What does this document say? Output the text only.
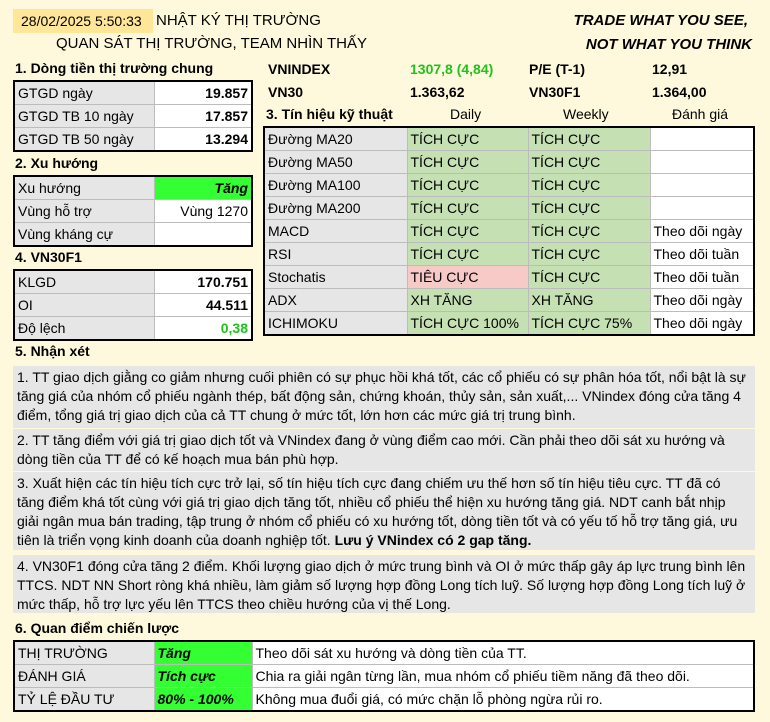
28/02/2025 5:50:33 NHẬT KÝ THỊ TRƯỜNG
QUAN SÁT THỊ TRƯỜNG, TEAM NHÌN THẤY
TRADE WHAT YOU SEE,
NOT WHAT YOU THINK
1. Dòng tiền thị trường chung
GTGD ngày	19.857
GTGD TB 10 ngày	17.857
GTGD TB 50 ngày	13.294
2. Xu hướng
Xu hướng	Tăng
Vùng hỗ trợ	Vùng 1270
Vùng kháng cự	
4. VN30F1
KLGD	170.751
OI	44.511
Độ lệch	0,38
VNINDEX	1307,8 (4,84)	P/E (T-1)	12,91
VN30	1.363,62	VN30F1	1.364,00
3. Tín hiệu kỹ thuật	Daily	Weekly	Đánh giá
Đường MA20	TÍCH CỰC	TÍCH CỰC	
Đường MA50	TÍCH CỰC	TÍCH CỰC	
Đường MA100	TÍCH CỰC	TÍCH CỰC	
Đường MA200	TÍCH CỰC	TÍCH CỰC	
MACD	TÍCH CỰC	TÍCH CỰC	Theo dõi ngày
RSI	TÍCH CỰC	TÍCH CỰC	Theo dõi tuần
Stochatis	TIÊU CỰC	TÍCH CỰC	Theo dõi tuần
ADX	XH TĂNG	XH TĂNG	Theo dõi ngày
ICHIMOKU	TÍCH CỰC 100%	TÍCH CỰC 75%	Theo dõi ngày
5. Nhận xét
1. TT giao dịch giằng co giảm nhưng cuối phiên có sự phục hồi khá tốt, các cổ phiếu có sự phân hóa tốt, nổi bật là sự tăng giá của nhóm cổ phiếu ngành thép, bất động sản, chứng khoán, thủy sản, sản xuất,... VNindex đóng cửa tăng 4 điểm, tổng giá trị giao dịch của cả TT chung ở mức tốt, lớn hơn các mức giá trị trung bình.
2. TT tăng điểm với giá trị giao dịch tốt và VNindex đang ở vùng điểm cao mới. Cần phải theo dõi sát xu hướng và dòng tiền của TT để có kế hoạch mua bán phù hợp.
3. Xuất hiện các tín hiệu tích cực trở lại, số tín hiệu tích cực đang chiếm ưu thế hơn số tín hiệu tiêu cực. TT đã có tăng điểm khá tốt cùng với giá trị giao dịch tăng tốt, nhiều cổ phiếu thể hiện xu hướng tăng giá. NDT canh bắt nhịp giải ngân mua bán trading, tập trung ở nhóm cổ phiếu có xu hướng tốt, dòng tiền tốt và có yếu tố hỗ trợ tăng giá, ưu tiên là triển vọng kinh doanh của doanh nghiệp tốt. Lưu ý VNindex có 2 gap tăng.
4. VN30F1 đóng cửa tăng 2 điểm. Khối lượng giao dịch ở mức trung bình và OI ở mức thấp gây áp lực trung bình lên TTCS. NDT NN Short ròng khá nhiều, làm giảm số lượng hợp đồng Long tích luỹ. Số lượng hợp đồng Long tích luỹ ở mức thấp, hỗ trợ lực yếu lên TTCS theo chiều hướng của vị thế Long.
6. Quan điểm chiến lược
THỊ TRƯỜNG	Tăng	Theo dõi sát xu hướng và dòng tiền của TT.
ĐÁNH GIÁ	Tích cực	Chia ra giải ngân từng lần, mua nhóm cổ phiếu tiềm năng đã theo dõi.
TỶ LỆ ĐẦU TƯ	80% - 100%	Không mua đuổi giá, có mức chặn lỗ phòng ngừa rủi ro.
